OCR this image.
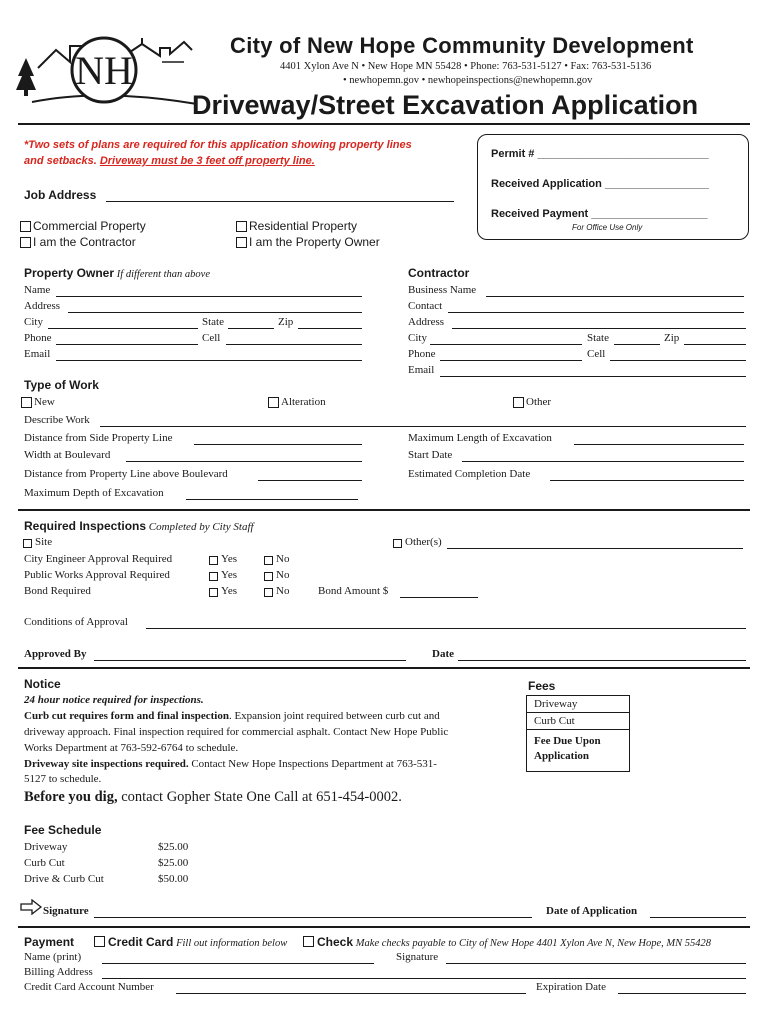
NH
City of New Hope Community Development
4401 Xylon Ave N • New Hope MN 55428 • Phone: 763-531-5127 • Fax: 763-531-5136
• newhopemn.gov • newhopeinspections@newhopemn.gov
Driveway/Street Excavation Application
*Two sets of plans are required for this application showing property lines
and setbacks. Driveway must be 3 feet off property line.
Permit # ____________________________
Received Application _________________
Received Payment ___________________
For Office Use Only
Job Address
Commercial Property
I am the Contractor
Residential Property
I am the Property Owner
Property Owner If different than above
Name
Address
City	State	Zip
Phone	Cell
Email
Contractor
Business Name
Contact
Address
City	State	Zip
Phone	Cell
Email
Type of Work
New	Alteration	Other
Describe Work
Distance from Side Property Line
Width at Boulevard
Distance from Property Line above Boulevard
Maximum Depth of Excavation
Maximum Length of Excavation
Start Date
Estimated Completion Date
Required Inspections Completed by City Staff
Site	Other(s)
City Engineer Approval Required	Yes	No
Public Works Approval Required	Yes	No
Bond Required	Yes	No	Bond Amount $
Conditions of Approval
Approved By	Date
Notice
24 hour notice required for inspections.
Curb cut requires form and final inspection. Expansion joint required between curb cut and
driveway approach. Final inspection required for commercial asphalt. Contact New Hope Public
Works Department at 763-592-6764 to schedule.
Driveway site inspections required. Contact New Hope Inspections Department at 763-531-
5127 to schedule.
Before you dig, contact Gopher State One Call at 651-454-0002.
Fees
Driveway
Curb Cut
Fee Due Upon
Application
Fee Schedule
Driveway	$25.00
Curb Cut	$25.00
Drive & Curb Cut	$50.00
Signature	Date of Application
Payment	Credit Card Fill out information below Check Make checks payable to City of New Hope 4401 Xylon Ave N, New Hope, MN 55428
Name (print)	Signature
Billing Address
Credit Card Account Number	Expiration Date
